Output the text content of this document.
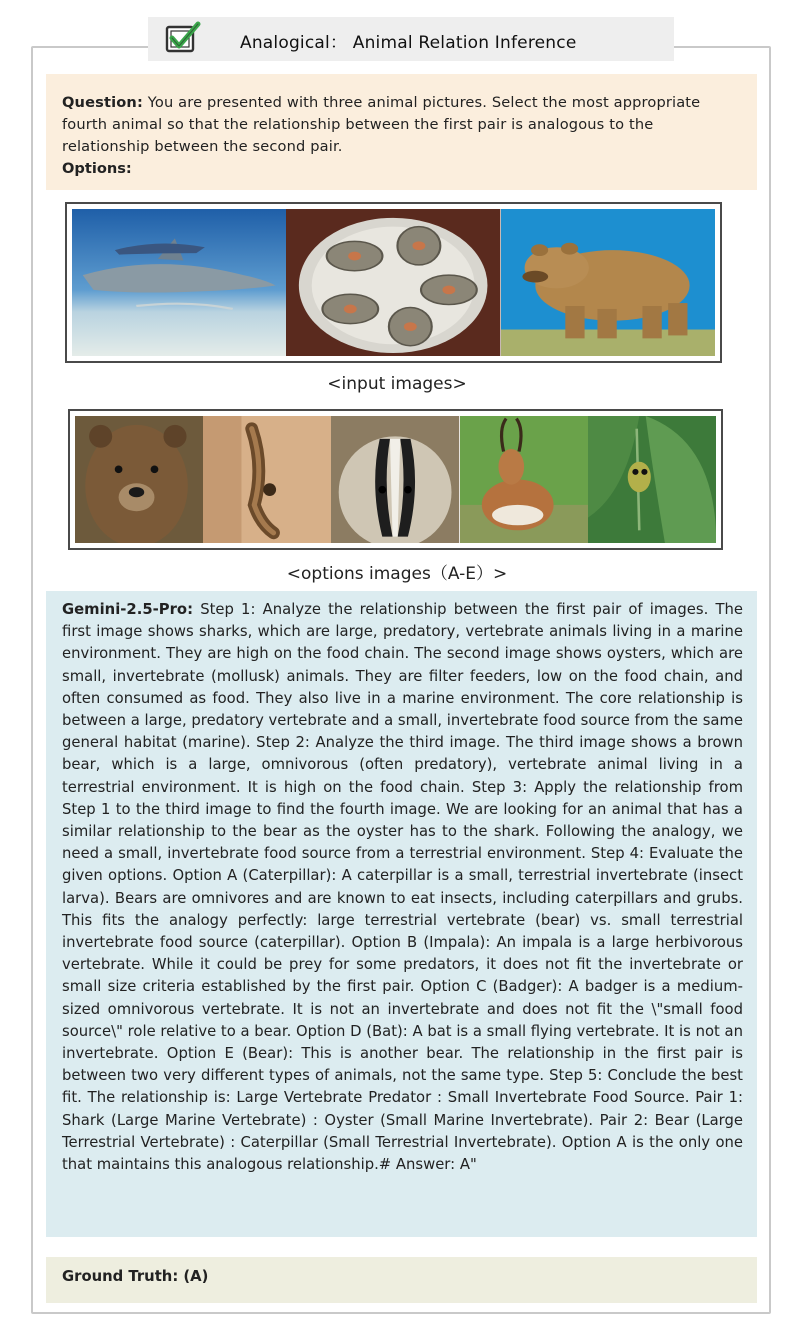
Analogical： Animal Relation Inference
Question: You are presented with three animal pictures. Select the most appropriate fourth animal so that the relationship between the first pair is analogous to the relationship between the second pair.
Options:
<input images>
<options images（A-E）>
Gemini-2.5-Pro: Step 1: Analyze the relationship between the first pair of images. The first image shows sharks, which are large, predatory, vertebrate animals living in a marine environment. They are high on the food chain. The second image shows oysters, which are small, invertebrate (mollusk) animals. They are filter feeders, low on the food chain, and often consumed as food. They also live in a marine environment. The core relationship is between a large, predatory vertebrate and a small, invertebrate food source from the same general habitat (marine). Step 2: Analyze the third image. The third image shows a brown bear, which is a large, omnivorous (often predatory), vertebrate animal living in a terrestrial environment. It is high on the food chain. Step 3: Apply the relationship from Step 1 to the third image to find the fourth image. We are looking for an animal that has a similar relationship to the bear as the oyster has to the shark. Following the analogy, we need a small, invertebrate food source from a terrestrial environment. Step 4: Evaluate the given options. Option A (Caterpillar): A caterpillar is a small, terrestrial invertebrate (insect larva). Bears are omnivores and are known to eat insects, including caterpillars and grubs. This fits the analogy perfectly: large terrestrial vertebrate (bear) vs. small terrestrial invertebrate food source (caterpillar). Option B (Impala): An impala is a large herbivorous vertebrate. While it could be prey for some predators, it does not fit the invertebrate or small size criteria established by the first pair. Option C (Badger): A badger is a medium-sized omnivorous vertebrate. It is not an invertebrate and does not fit the \"small food source\" role relative to a bear. Option D (Bat): A bat is a small flying vertebrate. It is not an invertebrate. Option E (Bear): This is another bear. The relationship in the first pair is between two very different types of animals, not the same type. Step 5: Conclude the best fit. The relationship is: Large Vertebrate Predator : Small Invertebrate Food Source. Pair 1: Shark (Large Marine Vertebrate) : Oyster (Small Marine Invertebrate). Pair 2: Bear (Large Terrestrial Vertebrate) : Caterpillar (Small Terrestrial Invertebrate). Option A is the only one that maintains this analogous relationship.# Answer: A"
Ground Truth: (A)
